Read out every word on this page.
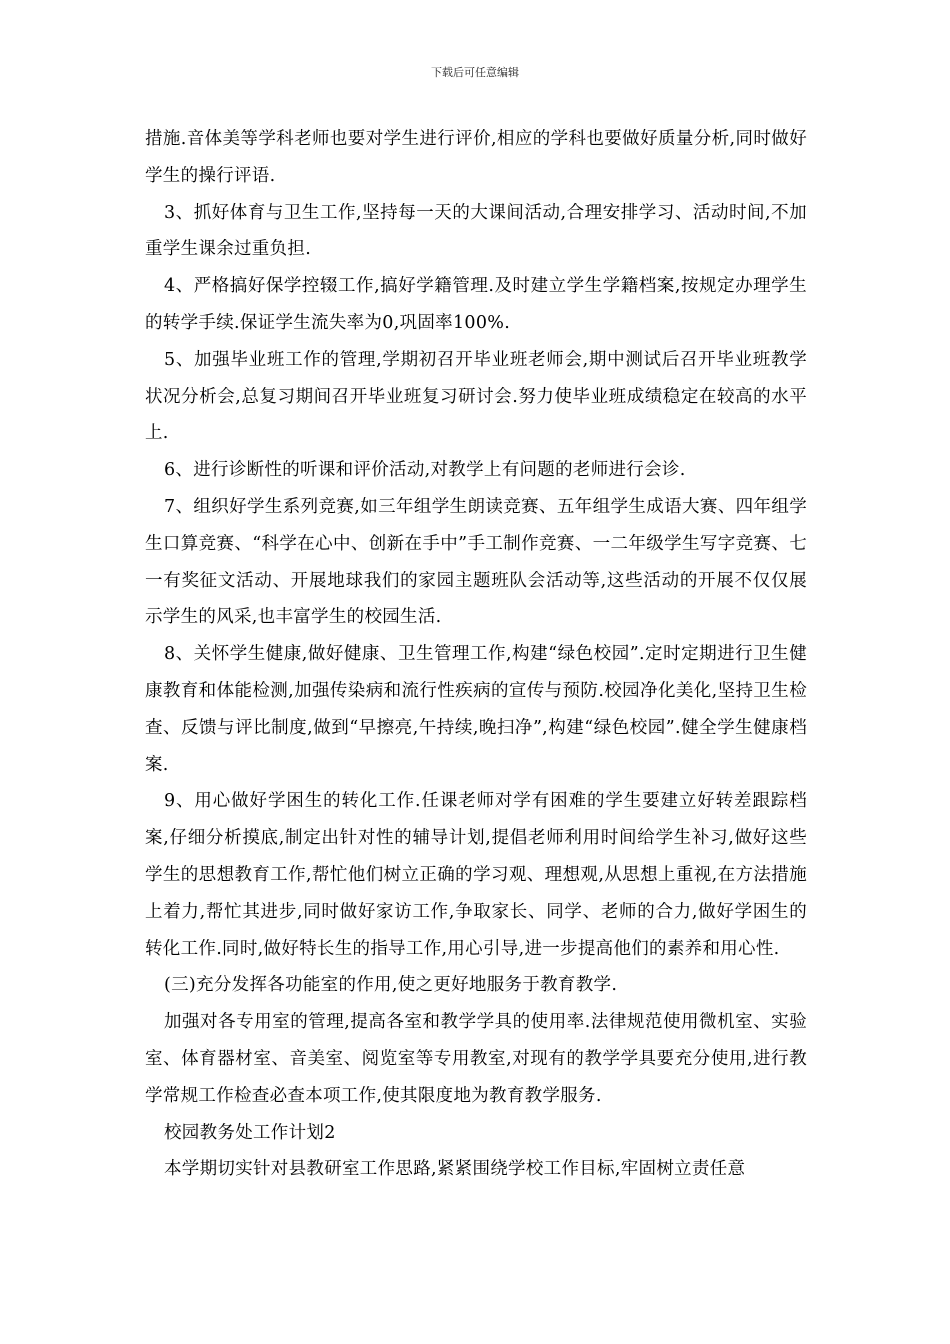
下载后可任意编辑

措施.音体美等学科老师也要对学生进行评价,相应的学科也要做好质量分析,同时做好学生的操行评语.

3、抓好体育与卫生工作,坚持每一天的大课间活动,合理安排学习、活动时间,不加重学生课余过重负担.

4、严格搞好保学控辍工作,搞好学籍管理.及时建立学生学籍档案,按规定办理学生的转学手续.保证学生流失率为0,巩固率100%.

5、加强毕业班工作的管理,学期初召开毕业班老师会,期中测试后召开毕业班教学状况分析会,总复习期间召开毕业班复习研讨会.努力使毕业班成绩稳定在较高的水平上.

6、进行诊断性的听课和评价活动,对教学上有问题的老师进行会诊.

7、组织好学生系列竞赛,如三年组学生朗读竞赛、五年组学生成语大赛、四年组学生口算竞赛、“科学在心中、创新在手中”手工制作竞赛、一二年级学生写字竞赛、七一有奖征文活动、开展地球我们的家园主题班队会活动等,这些活动的开展不仅仅展示学生的风采,也丰富学生的校园生活.

8、关怀学生健康,做好健康、卫生管理工作,构建“绿色校园”.定时定期进行卫生健康教育和体能检测,加强传染病和流行性疾病的宣传与预防.校园净化美化,坚持卫生检查、反馈与评比制度,做到“早擦亮,午持续,晚扫净”,构建“绿色校园”.健全学生健康档案.

9、用心做好学困生的转化工作.任课老师对学有困难的学生要建立好转差跟踪档案,仔细分析摸底,制定出针对性的辅导计划,提倡老师利用时间给学生补习,做好这些学生的思想教育工作,帮忙他们树立正确的学习观、理想观,从思想上重视,在方法措施上着力,帮忙其进步,同时做好家访工作,争取家长、同学、老师的合力,做好学困生的转化工作.同时,做好特长生的指导工作,用心引导,进一步提高他们的素养和用心性.

(三)充分发挥各功能室的作用,使之更好地服务于教育教学.

加强对各专用室的管理,提高各室和教学学具的使用率.法律规范使用微机室、实验室、体育器材室、音美室、阅览室等专用教室,对现有的教学学具要充分使用,进行教学常规工作检查必查本项工作,使其限度地为教育教学服务.

校园教务处工作计划2

本学期切实针对县教研室工作思路,紧紧围绕学校工作目标,牢固树立责任意
